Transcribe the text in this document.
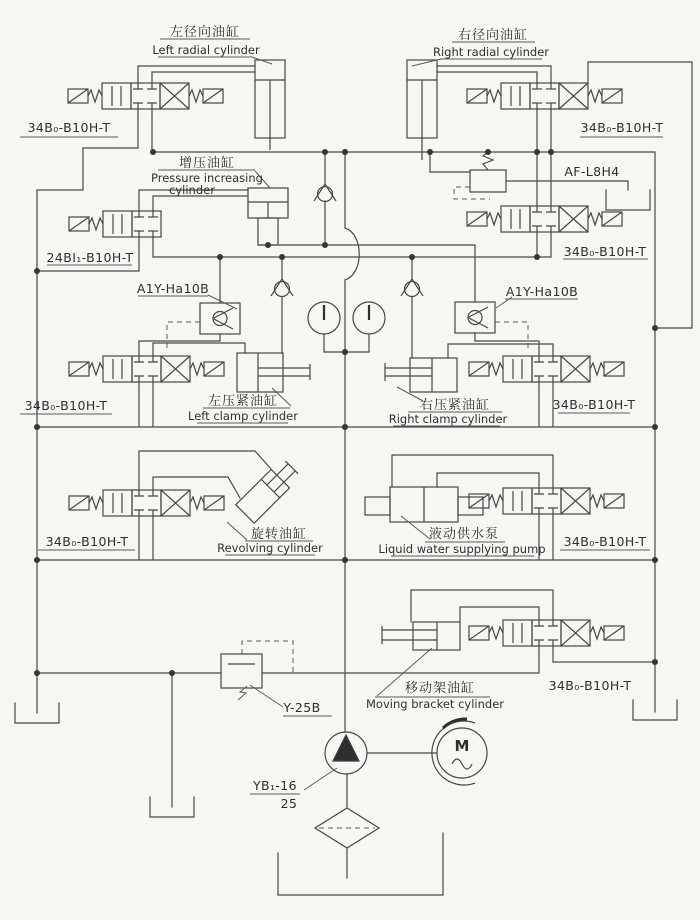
M
左径向油缸
Left radial cylinder
右径向油缸
Right radial cylinder
34B₀-B10H-T	34B₀-B10H-T
增压油缸
Pressure increasing
cylinder
AF-L8H4
24BI₁-B10H-T	34B₀-B10H-T
A1Y-Ha10B	A1Y-Ha10B
左压紧油缸
Left clamp cylinder
右压紧油缸
Right clamp cylinder
34B₀-B10H-T	34B₀-B10H-T
旋转油缸
Revolving cylinder
34B₀-B10H-T	液动供水泵
Liquid water supplying pump 34B₀-B10H-T
移动架油缸
Moving bracket cylinder
34B₀-B10H-T
Y-25B
YB₁-16
25
